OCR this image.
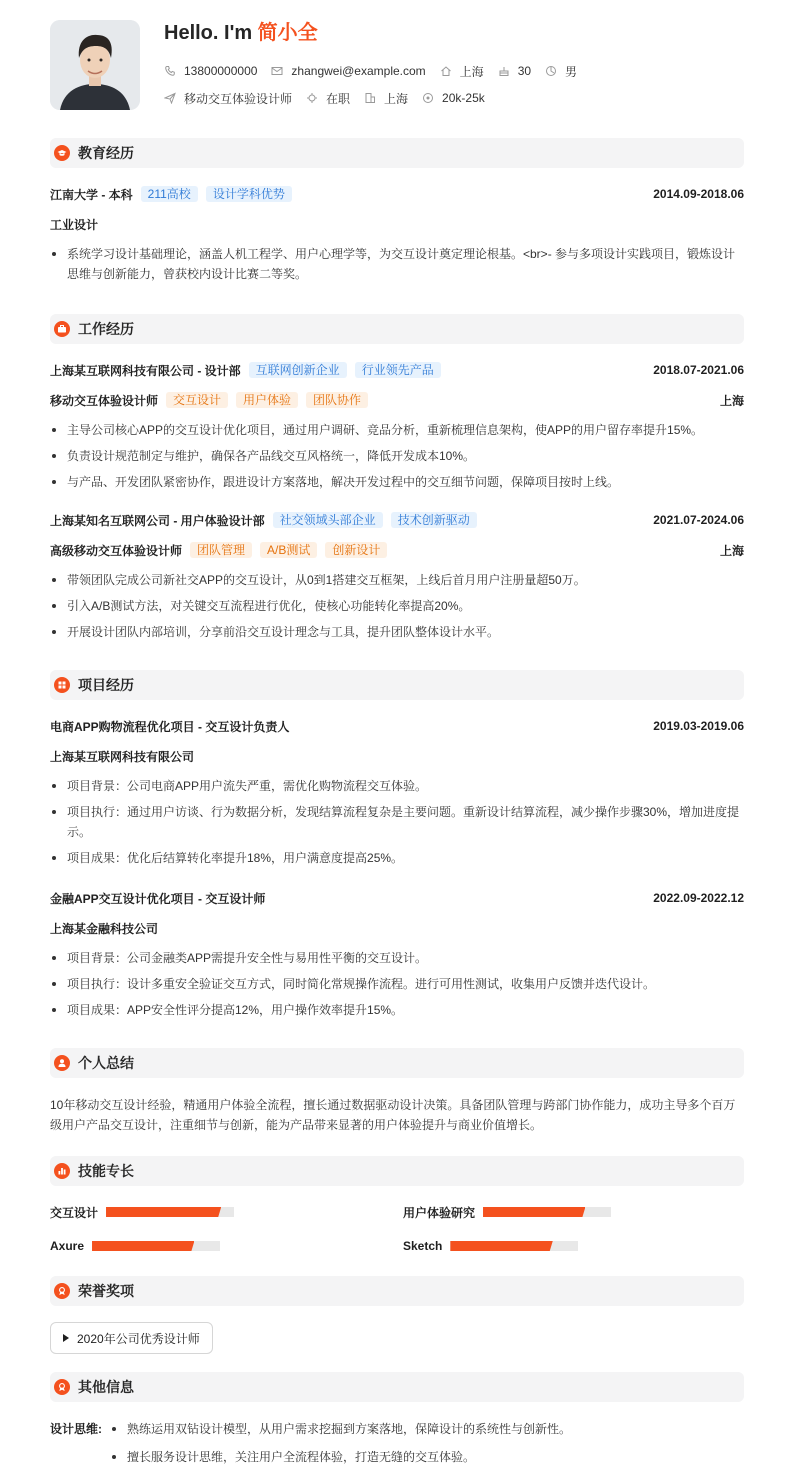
Hello. I'm 简小全
13800000000	zhangwei@example.com	上海	30	男
移动交互体验设计师	在职	上海	20k-25k
教育经历
江南大学 - 本科	211高校	设计学科优势	2014.09-2018.06
工业设计
系统学习设计基础理论，涵盖人机工程学、用户心理学等，为交互设计奠定理论根基。<br>- 参与多项设计实践项目，锻炼设计思维与创新能力，曾获校内设计比赛二等奖。
工作经历
上海某互联网科技有限公司 - 设计部	互联网创新企业	行业领先产品	2018.07-2021.06
移动交互体验设计师	交互设计	用户体验	团队协作	上海
主导公司核心APP的交互设计优化项目，通过用户调研、竞品分析，重新梳理信息架构，使APP的用户留存率提升15%。
负责设计规范制定与维护，确保各产品线交互风格统一，降低开发成本10%。
与产品、开发团队紧密协作，跟进设计方案落地，解决开发过程中的交互细节问题，保障项目按时上线。
上海某知名互联网公司 - 用户体验设计部	社交领域头部企业	技术创新驱动	2021.07-2024.06
高级移动交互体验设计师	团队管理	A/B测试	创新设计	上海
带领团队完成公司新社交APP的交互设计，从0到1搭建交互框架，上线后首月用户注册量超50万。
引入A/B测试方法，对关键交互流程进行优化，使核心功能转化率提高20%。
开展设计团队内部培训，分享前沿交互设计理念与工具，提升团队整体设计水平。
项目经历
电商APP购物流程优化项目 - 交互设计负责人	2019.03-2019.06
上海某互联网科技有限公司
项目背景：公司电商APP用户流失严重，需优化购物流程交互体验。
项目执行：通过用户访谈、行为数据分析，发现结算流程复杂是主要问题。重新设计结算流程，减少操作步骤30%，增加进度提示。
项目成果：优化后结算转化率提升18%，用户满意度提高25%。
金融APP交互设计优化项目 - 交互设计师	2022.09-2022.12
上海某金融科技公司
项目背景：公司金融类APP需提升安全性与易用性平衡的交互设计。
项目执行：设计多重安全验证交互方式，同时简化常规操作流程。进行可用性测试，收集用户反馈并迭代设计。
项目成果：APP安全性评分提高12%，用户操作效率提升15%。
个人总结
10年移动交互设计经验，精通用户体验全流程，擅长通过数据驱动设计决策。具备团队管理与跨部门协作能力，成功主导多个百万级用户产品交互设计，注重细节与创新，能为产品带来显著的用户体验提升与商业价值增长。
技能专长
交互设计	用户体验研究
Axure	Sketch
荣誉奖项
2020年公司优秀设计师
其他信息
设计思维:	熟练运用双钻设计模型，从用户需求挖掘到方案落地，保障设计的系统性与创新性。
擅长服务设计思维，关注用户全流程体验，打造无缝的交互体验。
